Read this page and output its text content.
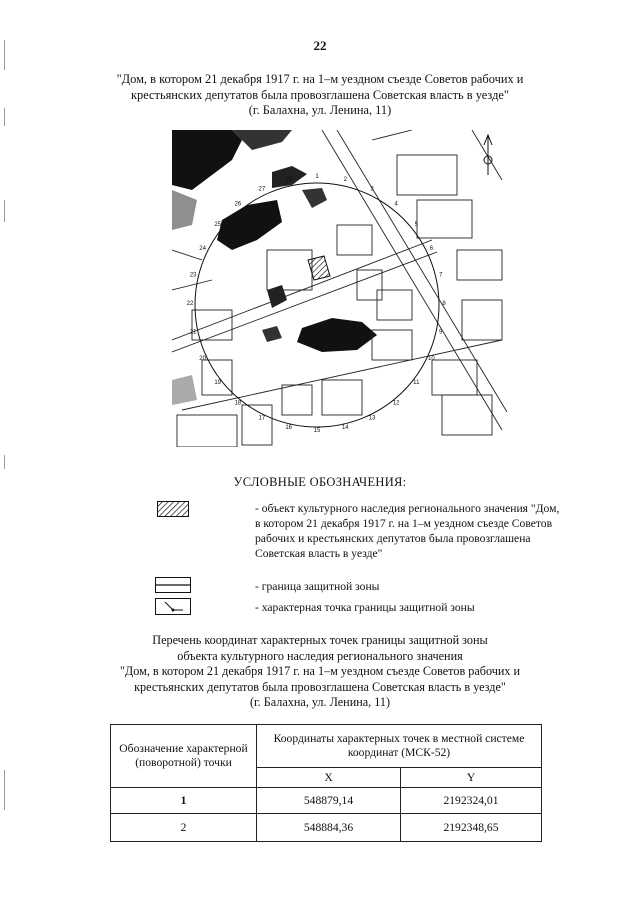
22
"Дом, в котором 21 декабря 1917 г. на 1–м уездном съезде Советов рабочих и
крестьянских депутатов была провозглашена Советская власть в уезде"
(г. Балахна, ул. Ленина, 11)
1
2
3
4
5
6
7
8
9
10
11
12
13
14
15
16
17
18
19
20
21
22
23
24
25
26
27
28
УСЛОВНЫЕ ОБОЗНАЧЕНИЯ:
- объект культурного наследия регионального значения "Дом, в котором 21 декабря 1917 г. на 1–м уездном съезде Советов рабочих и крестьянских депутатов была провозглашена Советская власть в уезде"
- граница защитной зоны
- характерная точка границы защитной зоны
Перечень координат характерных точек границы защитной зоны
объекта культурного наследия регионального значения
"Дом, в котором 21 декабря 1917 г. на 1–м уездном съезде Советов рабочих и
крестьянских депутатов была провозглашена Советская власть в уезде"
(г. Балахна, ул. Ленина, 11)
Обозначение характерной (поворотной) точки	Координаты характерных точек в местной системе координат (МСК-52)	
	X	Y
1	548879,14	2192324,01
2	548884,36	2192348,65
